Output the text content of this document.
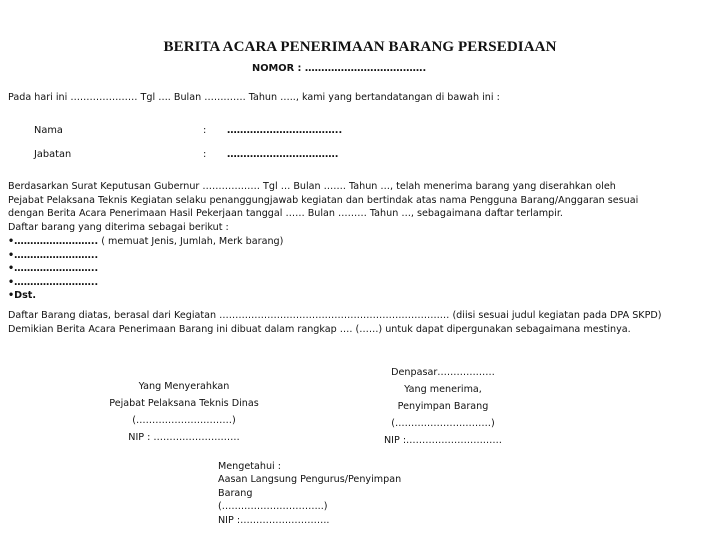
BERITA ACARA PENERIMAAN BARANG PERSEDIAAN
NOMOR : ……………………………….
Pada hari ini ………………… Tgl …. Bulan …………. Tahun ….., kami yang bertandatangan di bawah ini :
Nama	: ……………………………..
Jabatan	: …………………………….
Berdasarkan Surat Keputusan Gubernur ……………… Tgl … Bulan ……. Tahun …, telah menerima barang yang diserahkan oleh
Pejabat Pelaksana Teknis Kegiatan selaku penanggungjawab kegiatan dan bertindak atas nama Pengguna Barang/Anggaran sesuai
dengan Berita Acara Penerimaan Hasil Pekerjaan tanggal …… Bulan ……… Tahun …, sebagaimana daftar terlampir.
Daftar barang yang diterima sebagai berikut :
•…………………….. ( memuat Jenis, Jumlah, Merk barang)
•……………………..
•……………………..
•……………………..
•Dst.
Daftar Barang diatas, berasal dari Kegiatan ……………………………………………………………… (diisi sesuai judul kegiatan pada DPA SKPD)
Demikian Berita Acara Penerimaan Barang ini dibuat dalam rangkap …. (……) untuk dapat dipergunakan sebagaimana mestinya.
Yang Menyerahkan
Pejabat Pelaksana Teknis Dinas
(…………………………)
NIP : ………………………
Denpasar………………
Yang menerima,
Penyimpan Barang
(…………………………)
NIP :…………………………
Mengetahui :
Aasan Langsung Pengurus/Penyimpan
Barang
(…………………………..)
NIP :……………………….
